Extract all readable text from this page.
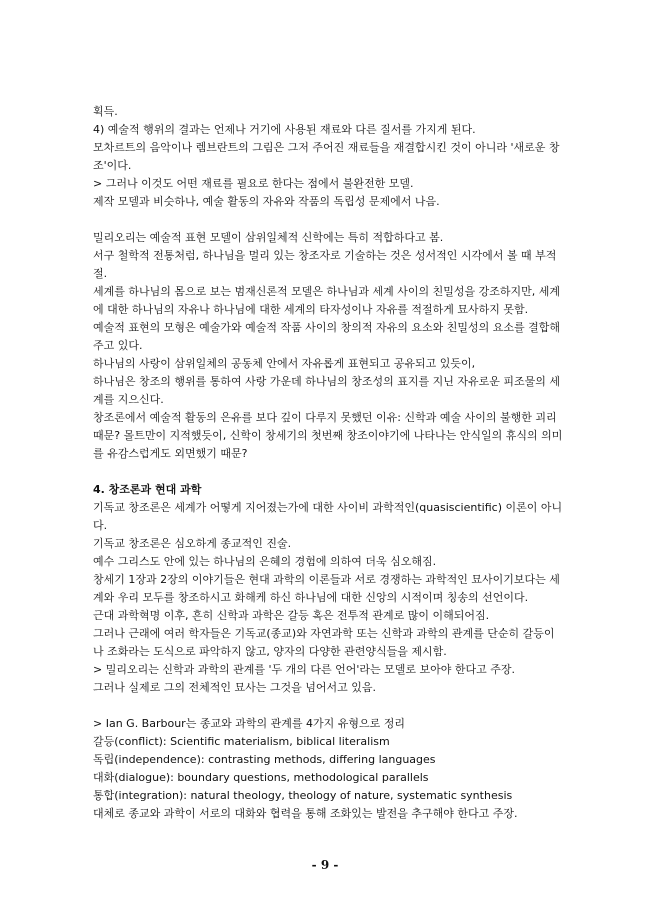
획득.
4) 예술적 행위의 결과는 언제나 거기에 사용된 재료와 다른 질서를 가지게 된다.
모차르트의 음악이나 렘브란트의 그림은 그저 주어진 재료들을 재결합시킨 것이 아니라 '새로운 창
조'이다.
> 그러나 이것도 어떤 재료를 필요로 한다는 점에서 불완전한 모델.
제작 모델과 비슷하나, 예술 활동의 자유와 작품의 독립성 문제에서 나음.
밀리오리는 예술적 표현 모델이 삼위일체적 신학에는 특히 적합하다고 봄.
서구 철학적 전통처럼, 하나님을 멀리 있는 창조자로 기술하는 것은 성서적인 시각에서 볼 때 부적
절.
세계를 하나님의 몸으로 보는 범재신론적 모델은 하나님과 세계 사이의 친밀성을 강조하지만, 세계
에 대한 하나님의 자유나 하나님에 대한 세계의 타자성이나 자유를 적절하게 묘사하지 못함.
예술적 표현의 모형은 예술가와 예술적 작품 사이의 창의적 자유의 요소와 친밀성의 요소를 결합해
주고 있다.
하나님의 사랑이 삼위일체의 공동체 안에서 자유롭게 표현되고 공유되고 있듯이,
하나님은 창조의 행위를 통하여 사랑 가운데 하나님의 창조성의 표지를 지닌 자유로운 피조물의 세
계를 지으신다.
창조론에서 예술적 활동의 은유를 보다 깊이 다루지 못했던 이유: 신학과 예술 사이의 불행한 괴리
때문? 몰트만이 지적했듯이, 신학이 창세기의 첫번째 창조이야기에 나타나는 안식일의 휴식의 의미
를 유감스럽게도 외면했기 때문?
4. 창조론과 현대 과학
기독교 창조론은 세계가 어떻게 지어졌는가에 대한 사이비 과학적인(quasiscientific) 이론이 아니
다.
기독교 창조론은 심오하게 종교적인 진술.
예수 그리스도 안에 있는 하나님의 은혜의 경험에 의하여 더욱 심오해짐.
창세기 1장과 2장의 이야기들은 현대 과학의 이론들과 서로 경쟁하는 과학적인 묘사이기보다는 세
계와 우리 모두를 창조하시고 화해케 하신 하나님에 대한 신앙의 시적이며 칭송의 선언이다.
근대 과학혁명 이후, 흔히 신학과 과학은 갈등 혹은 전투적 관계로 많이 이해되어짐.
그러나 근래에 여러 학자들은 기독교(종교)와 자연과학 또는 신학과 과학의 관계를 단순히 갈등이
나 조화라는 도식으로 파악하지 않고, 양자의 다양한 관련양식들을 제시함.
> 밀리오리는 신학과 과학의 관계를 '두 개의 다른 언어'라는 모델로 보아야 한다고 주장.
그러나 실제로 그의 전체적인 묘사는 그것을 넘어서고 있음.
> Ian G. Barbour는 종교와 과학의 관계를 4가지 유형으로 정리
갈등(conflict): Scientific materialism, biblical literalism
독립(independence): contrasting methods, differing languages
대화(dialogue): boundary questions, methodological parallels
통합(integration): natural theology, theology of nature, systematic synthesis
대체로 종교와 과학이 서로의 대화와 협력을 통해 조화있는 발전을 추구해야 한다고 주장.
- 9 -
